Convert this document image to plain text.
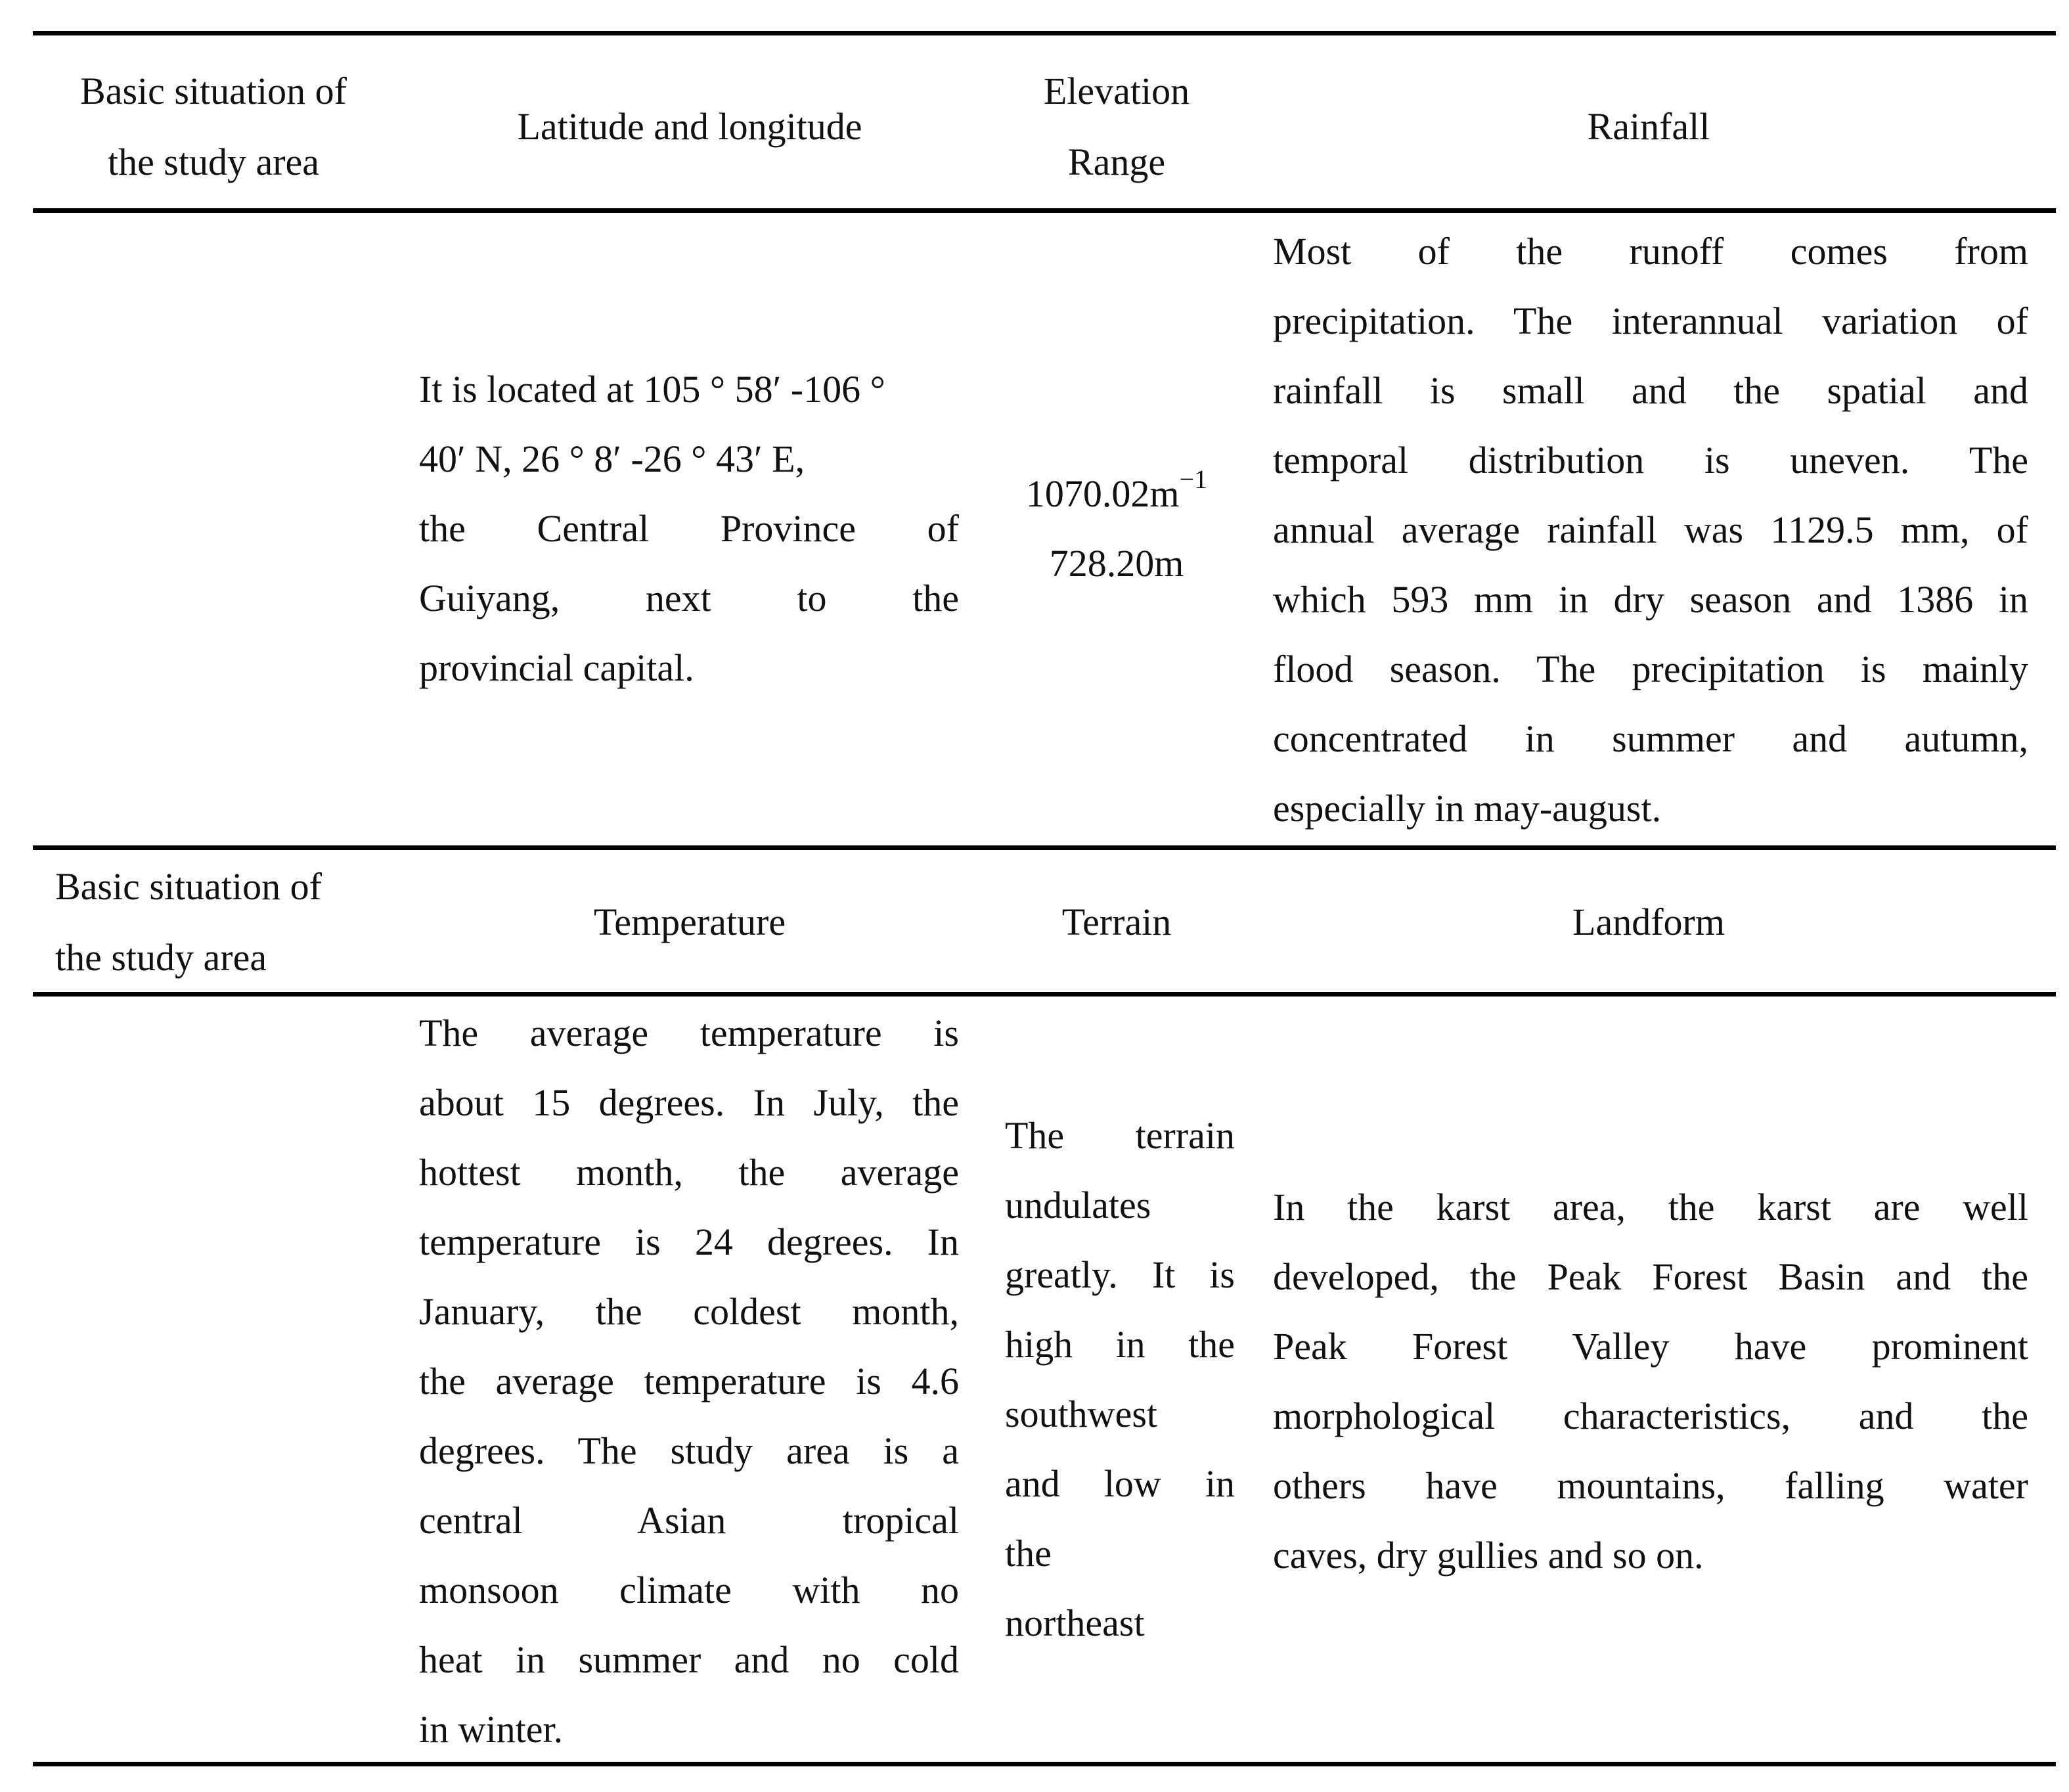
Basic situation of
the study area
Latitude and longitude
Elevation
Range
Rainfall
It is located at 105 ° 58′ -106 °
40′ N, 26 ° 8′ -26 ° 43′ E,
the Central Province of
Guiyang, next to the
provincial capital.
$1070.02m^{-1}$
728.20m
Most of the runoff comes from
precipitation. The interannual variation of
rainfall is small and the spatial and
temporal distribution is uneven. The
annual average rainfall was 1129.5 mm, of
which 593 mm in dry season and 1386 in
flood season. The precipitation is mainly
concentrated in summer and autumn,
especially in may-august.
Basic situation of
the study area
Temperature	Terrain	Landform
The average temperature is
about 15 degrees. In July, the
hottest month, the average
temperature is 24 degrees. In
January, the coldest month,
the average temperature is 4.6
degrees. The study area is a
central Asian tropical
monsoon climate with no
heat in summer and no cold
in winter.
The terrain
undulates
greatly. It is
high in the
southwest
and low in
the
northeast
In the karst area, the karst are well
developed, the Peak Forest Basin and the
Peak Forest Valley have prominent
morphological characteristics, and the
others have mountains, falling water
caves, dry gullies and so on.
